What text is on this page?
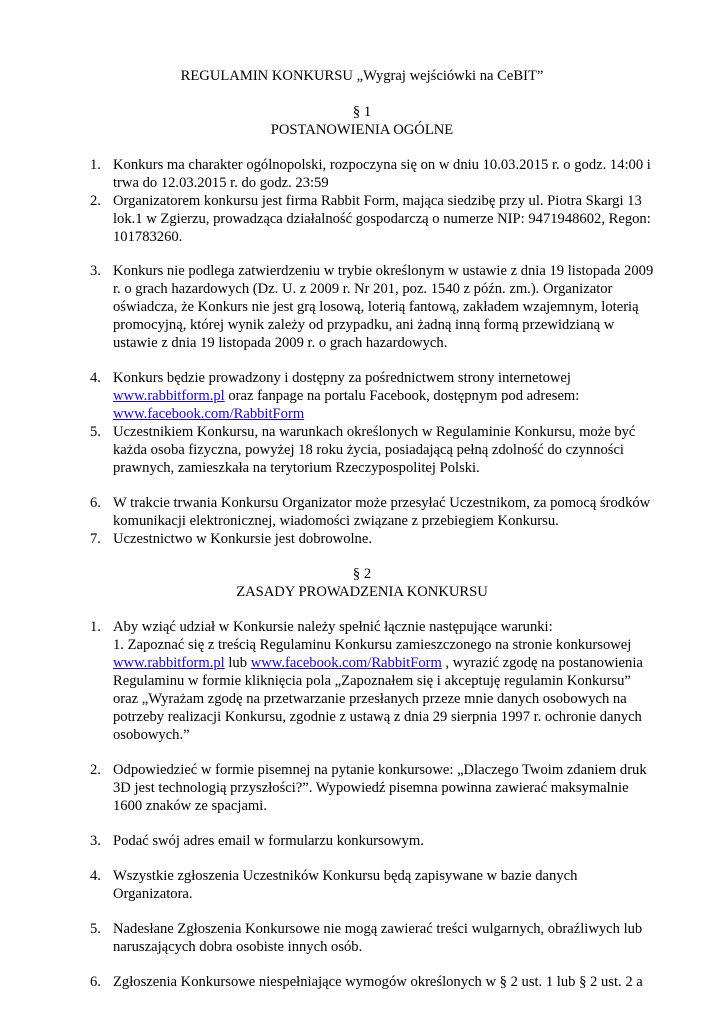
REGULAMIN KONKURSU „Wygraj wejściówki na CeBIT”
§ 1
POSTANOWIENIA OGÓLNE
1. Konkurs ma charakter ogólnopolski, rozpoczyna się on w dniu 10.03.2015 r. o godz. 14:00 i
trwa do 12.03.2015 r. do godz. 23:59
2. Organizatorem konkursu jest firma Rabbit Form, mająca siedzibę przy ul. Piotra Skargi 13
lok.1 w Zgierzu, prowadząca działalność gospodarczą o numerze NIP: 9471948602, Regon:
101783260.
3. Konkurs nie podlega zatwierdzeniu w trybie określonym w ustawie z dnia 19 listopada 2009
r. o grach hazardowych (Dz. U. z 2009 r. Nr 201, poz. 1540 z późn. zm.). Organizator
oświadcza, że Konkurs nie jest grą losową, loterią fantową, zakładem wzajemnym, loterią
promocyjną, której wynik zależy od przypadku, ani żadną inną formą przewidzianą w
ustawie z dnia 19 listopada 2009 r. o grach hazardowych.
4. Konkurs będzie prowadzony i dostępny za pośrednictwem strony internetowej
www.rabbitform.pl oraz fanpage na portalu Facebook, dostępnym pod adresem:
www.facebook.com/RabbitForm
5. Uczestnikiem Konkursu, na warunkach określonych w Regulaminie Konkursu, może być
każda osoba fizyczna, powyżej 18 roku życia, posiadającą pełną zdolność do czynności
prawnych, zamieszkała na terytorium Rzeczypospolitej Polski.
6. W trakcie trwania Konkursu Organizator może przesyłać Uczestnikom, za pomocą środków
komunikacji elektronicznej, wiadomości związane z przebiegiem Konkursu.
7. Uczestnictwo w Konkursie jest dobrowolne.
§ 2
ZASADY PROWADZENIA KONKURSU
1. Aby wziąć udział w Konkursie należy spełnić łącznie następujące warunki:
1. Zapoznać się z treścią Regulaminu Konkursu zamieszczonego na stronie konkursowej
www.rabbitform.pl lub www.facebook.com/RabbitForm , wyrazić zgodę na postanowienia
Regulaminu w formie kliknięcia pola „Zapoznałem się i akceptuję regulamin Konkursu”
oraz „Wyrażam zgodę na przetwarzanie przesłanych przeze mnie danych osobowych na
potrzeby realizacji Konkursu, zgodnie z ustawą z dnia 29 sierpnia 1997 r. ochronie danych
osobowych.”
2. Odpowiedzieć w formie pisemnej na pytanie konkursowe: „Dlaczego Twoim zdaniem druk
3D jest technologią przyszłości?”. Wypowiedź pisemna powinna zawierać maksymalnie
1600 znaków ze spacjami.
3. Podać swój adres email w formularzu konkursowym.
4. Wszystkie zgłoszenia Uczestników Konkursu będą zapisywane w bazie danych
Organizatora.
5. Nadesłane Zgłoszenia Konkursowe nie mogą zawierać treści wulgarnych, obraźliwych lub
naruszających dobra osobiste innych osób.
6. Zgłoszenia Konkursowe niespełniające wymogów określonych w § 2 ust. 1 lub § 2 ust. 2 a
